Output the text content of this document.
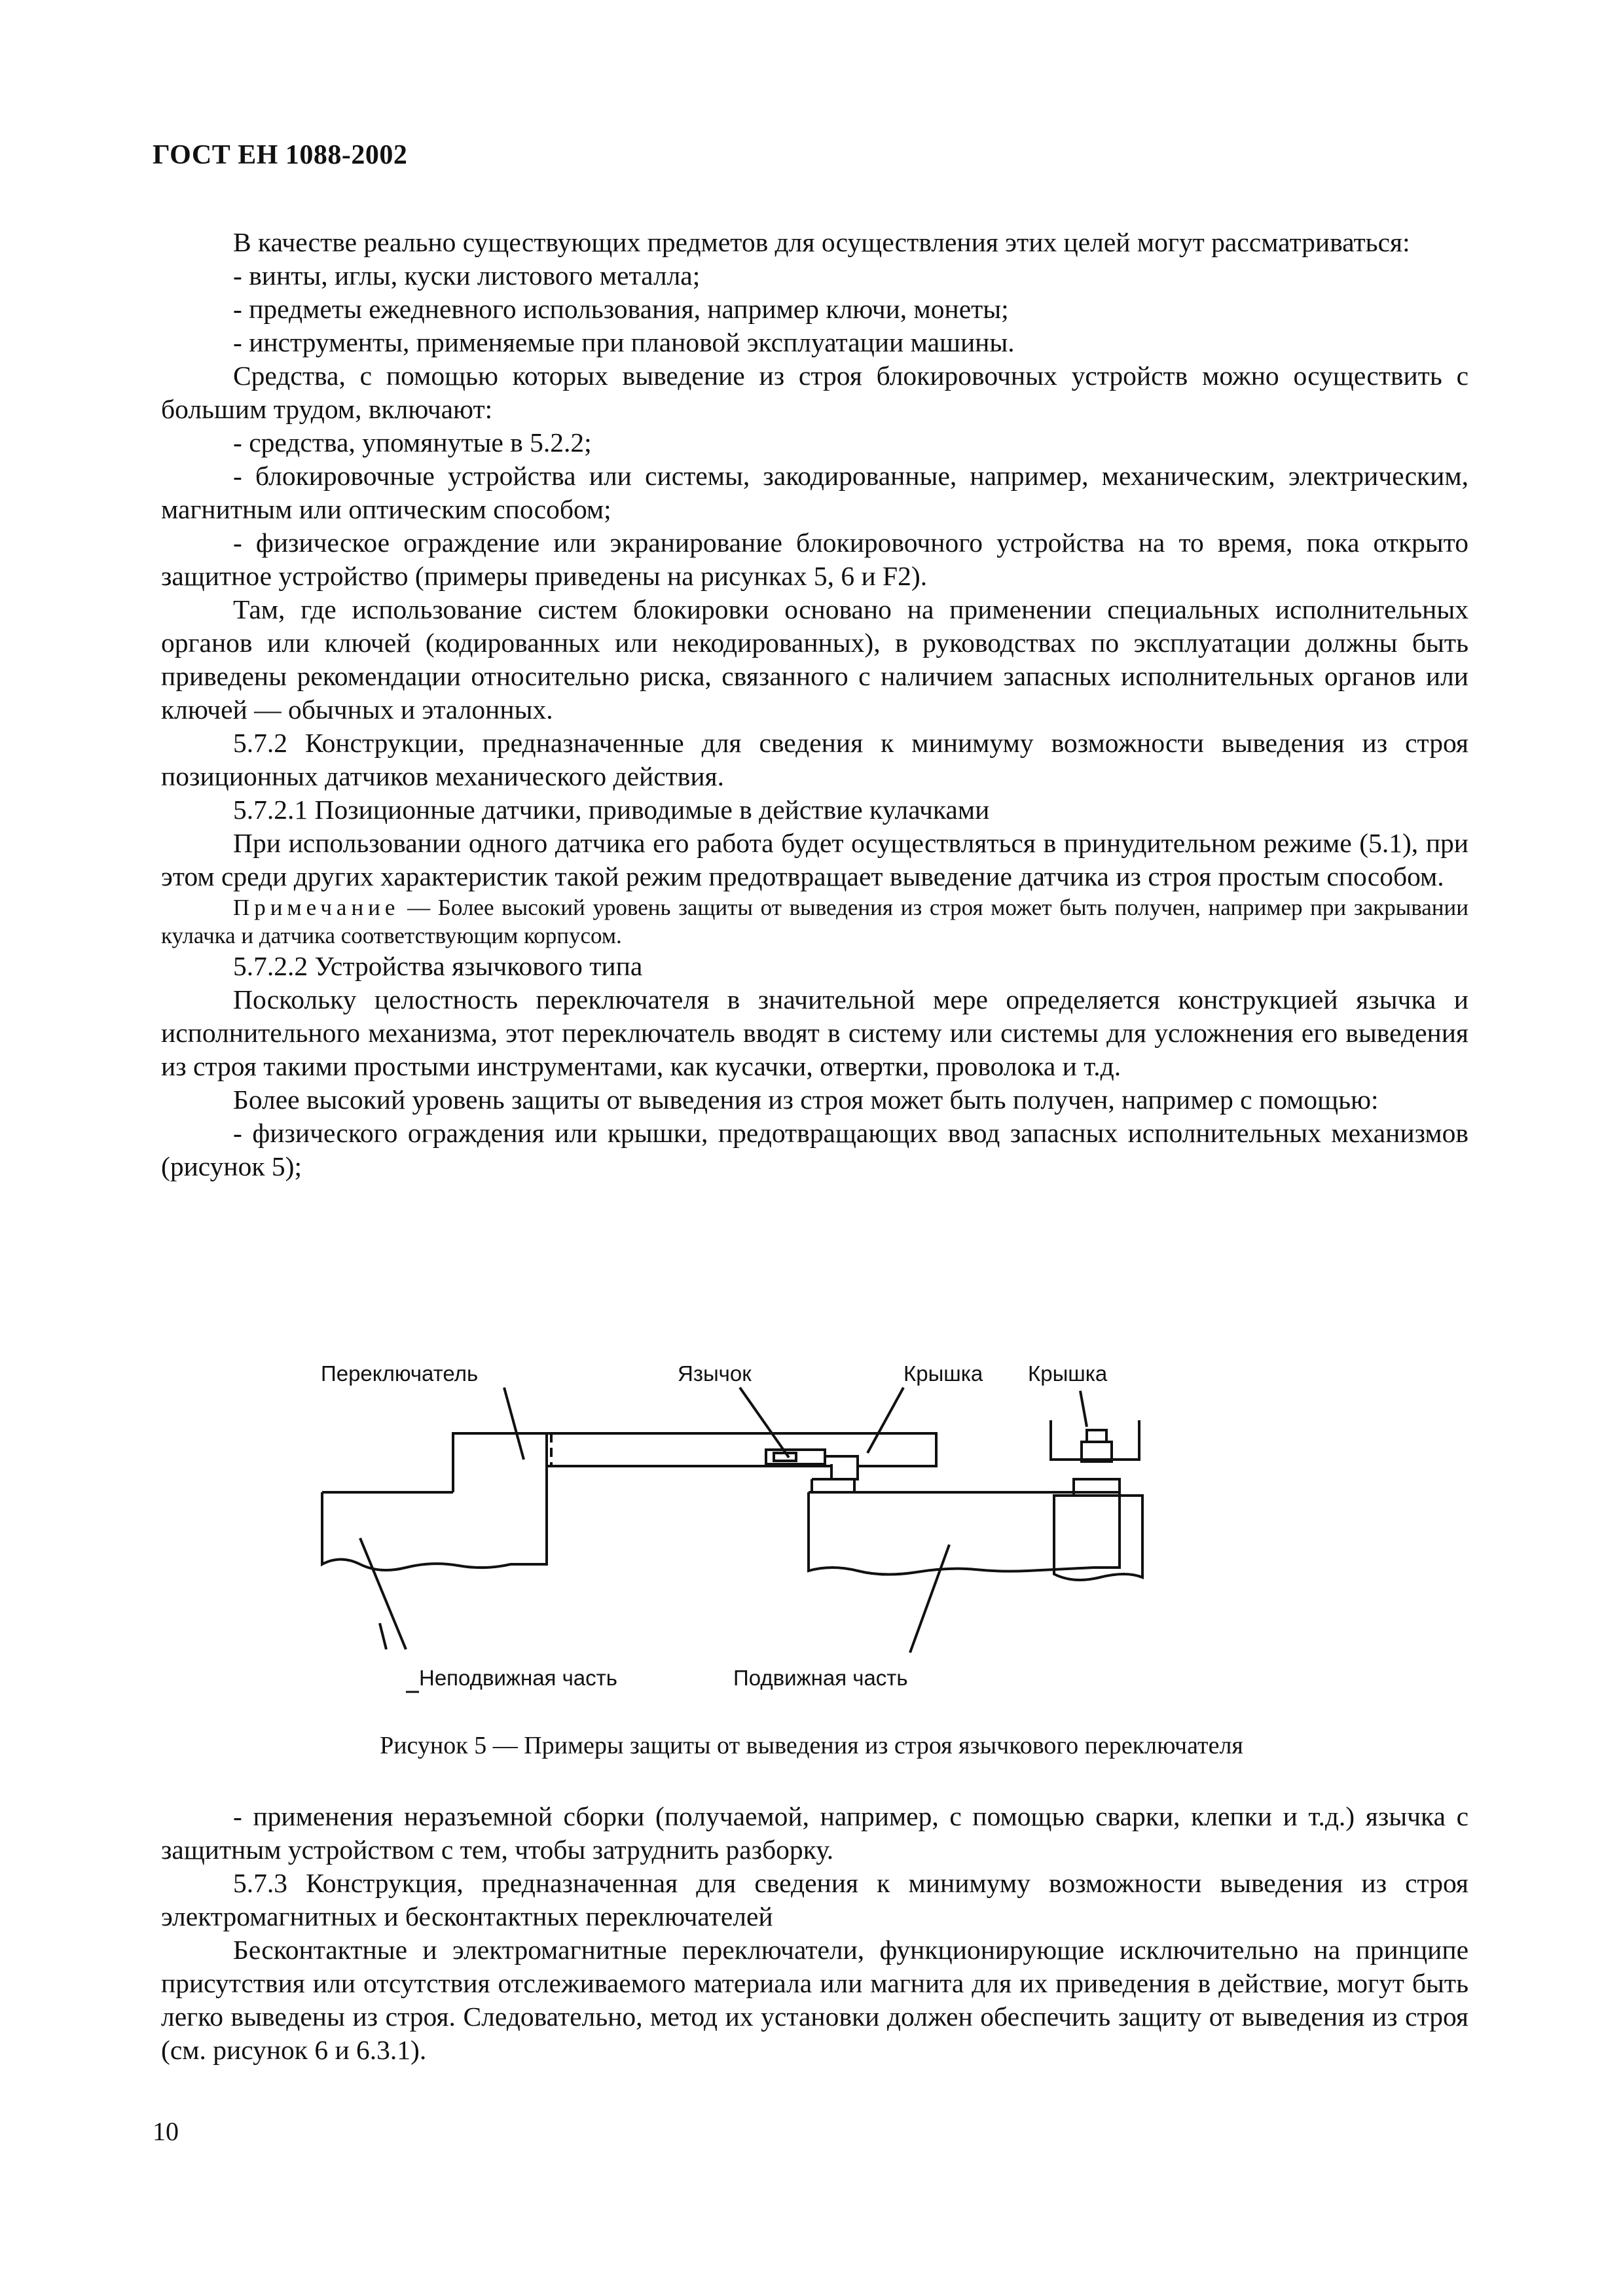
ГОСТ ЕН 1088-2002

В качестве реально существующих предметов для осуществления этих целей могут рассматриваться:

- винты, иглы, куски листового металла;

- предметы ежедневного использования, например ключи, монеты;

- инструменты, применяемые при плановой эксплуатации машины.

Средства, с помощью которых выведение из строя блокировочных устройств можно осуществить с большим трудом, включают:

- средства, упомянутые в 5.2.2;

- блокировочные устройства или системы, закодированные, например, механическим, электрическим, магнитным или оптическим способом;

- физическое ограждение или экранирование блокировочного устройства на то время, пока открыто защитное устройство (примеры приведены на рисунках 5, 6 и F2).

Там, где использование систем блокировки основано на применении специальных исполнительных органов или ключей (кодированных или некодированных), в руководствах по эксплуатации должны быть приведены рекомендации относительно риска, связанного с наличием запасных исполнительных органов или ключей — обычных и эталонных.

5.7.2 Конструкции, предназначенные для сведения к минимуму возможности выведения из строя позиционных датчиков механического действия.

5.7.2.1 Позиционные датчики, приводимые в действие кулачками

При использовании одного датчика его работа будет осуществляться в принудительном режиме (5.1), при этом среди других характеристик такой режим предотвращает выведение датчика из строя простым способом.

Примечание — Более высокий уровень защиты от выведения из строя может быть получен, например при закрывании кулачка и датчика соответствующим корпусом.

5.7.2.2 Устройства язычкового типа

Поскольку целостность переключателя в значительной мере определяется конструкцией язычка и исполнительного механизма, этот переключатель вводят в систему или системы для усложнения его выведения из строя такими простыми инструментами, как кусачки, отвертки, проволока и т.д.

Более высокий уровень защиты от выведения из строя может быть получен, например с помощью:

- физического ограждения или крышки, предотвращающих ввод запасных исполнительных механизмов (рисунок 5);

Переключатель	Язычок	Крышка Крышка
Неподвижная часть	Подвижная часть
Рисунок 5 — Примеры защиты от выведения из строя язычкового переключателя

- применения неразъемной сборки (получаемой, например, с помощью сварки, клепки и т.д.) язычка с защитным устройством с тем, чтобы затруднить разборку.

5.7.3 Конструкция, предназначенная для сведения к минимуму возможности выведения из строя электромагнитных и бесконтактных переключателей

Бесконтактные и электромагнитные переключатели, функционирующие исключительно на принципе присутствия или отсутствия отслеживаемого материала или магнита для их приведения в действие, могут быть легко выведены из строя. Следовательно, метод их установки должен обеспечить защиту от выведения из строя (см. рисунок 6 и 6.3.1).

10
